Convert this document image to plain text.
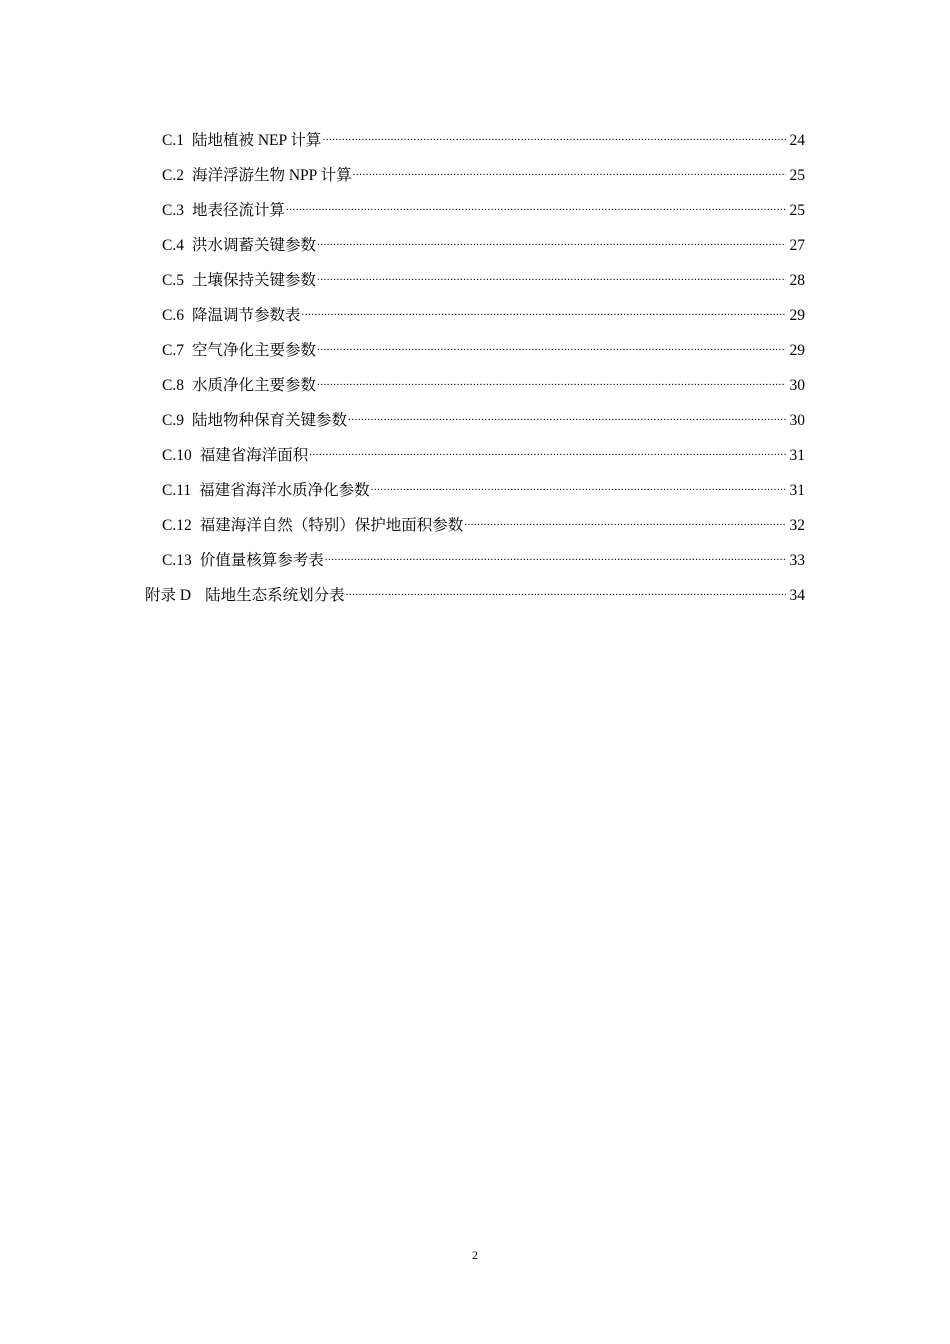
C.1 陆地植被 NEP 计算 .....	24
C.2 海洋浮游生物 NPP 计算 .....	25
C.3 地表径流计算 .....	25
C.4 洪水调蓄关键参数 .....	27
C.5 土壤保持关键参数 .....	28
C.6 降温调节参数表 .....	29
C.7 空气净化主要参数 .....	29
C.8 水质净化主要参数 .....	30
C.9 陆地物种保育关键参数 .....	30
C.10 福建省海洋面积 .....	31
C.11 福建省海洋水质净化参数 .....	31
C.12 福建海洋自然（特别）保护地面积参数 .....	32
C.13 价值量核算参考表 .....	33
附录 D 陆地生态系统划分表 .....	34
2
